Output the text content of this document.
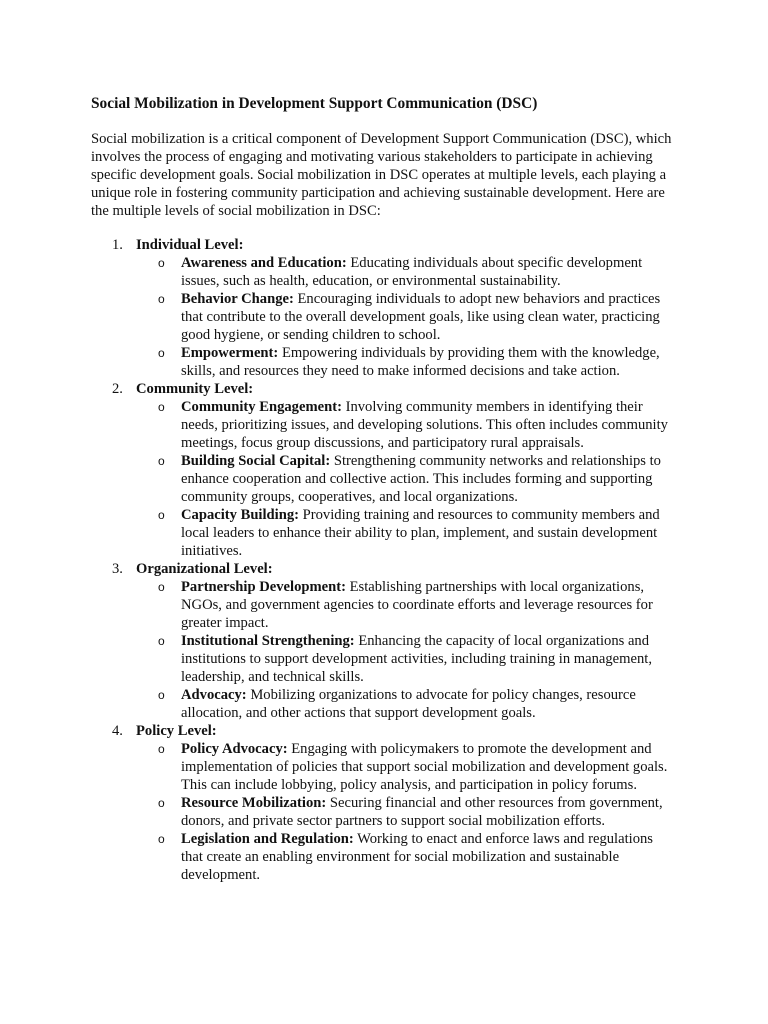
Social Mobilization in Development Support Communication (DSC)
Social mobilization is a critical component of Development Support Communication (DSC), which involves the process of engaging and motivating various stakeholders to participate in achieving specific development goals. Social mobilization in DSC operates at multiple levels, each playing a unique role in fostering community participation and achieving sustainable development. Here are the multiple levels of social mobilization in DSC:
1. Individual Level:
o Awareness and Education: Educating individuals about specific development issues, such as health, education, or environmental sustainability.
o Behavior Change: Encouraging individuals to adopt new behaviors and practices that contribute to the overall development goals, like using clean water, practicing good hygiene, or sending children to school.
o Empowerment: Empowering individuals by providing them with the knowledge, skills, and resources they need to make informed decisions and take action.
2. Community Level:
o Community Engagement: Involving community members in identifying their needs, prioritizing issues, and developing solutions. This often includes community meetings, focus group discussions, and participatory rural appraisals.
o Building Social Capital: Strengthening community networks and relationships to enhance cooperation and collective action. This includes forming and supporting community groups, cooperatives, and local organizations.
o Capacity Building: Providing training and resources to community members and local leaders to enhance their ability to plan, implement, and sustain development initiatives.
3. Organizational Level:
o Partnership Development: Establishing partnerships with local organizations, NGOs, and government agencies to coordinate efforts and leverage resources for greater impact.
o Institutional Strengthening: Enhancing the capacity of local organizations and institutions to support development activities, including training in management, leadership, and technical skills.
o Advocacy: Mobilizing organizations to advocate for policy changes, resource allocation, and other actions that support development goals.
4. Policy Level:
o Policy Advocacy: Engaging with policymakers to promote the development and implementation of policies that support social mobilization and development goals. This can include lobbying, policy analysis, and participation in policy forums.
o Resource Mobilization: Securing financial and other resources from government, donors, and private sector partners to support social mobilization efforts.
o Legislation and Regulation: Working to enact and enforce laws and regulations that create an enabling environment for social mobilization and sustainable development.
